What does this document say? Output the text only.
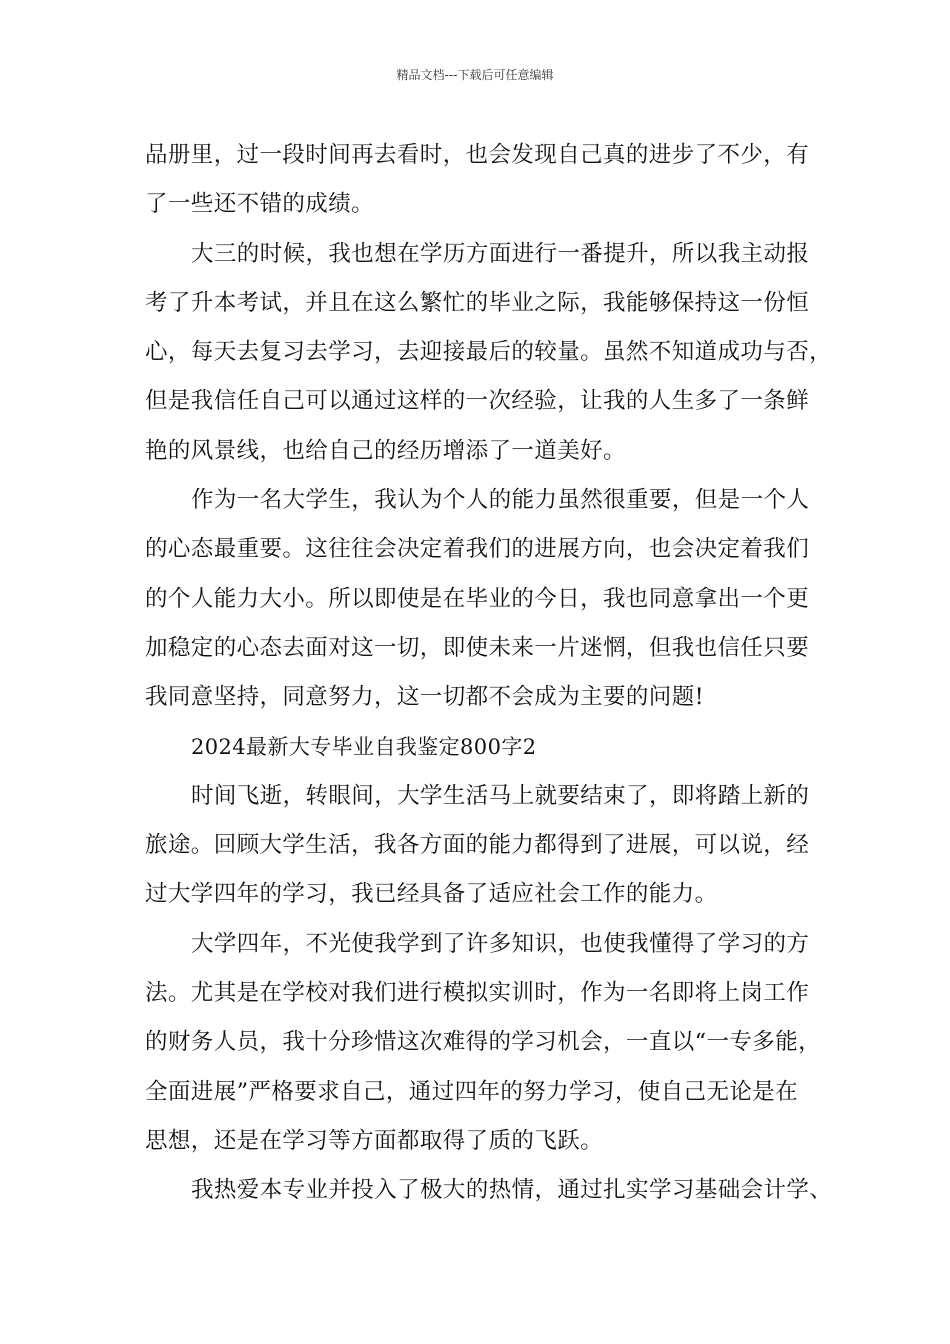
精品文档---下载后可任意编辑
品册里，过一段时间再去看时，也会发现自己真的进步了不少，有
了一些还不错的成绩。
大三的时候，我也想在学历方面进行一番提升，所以我主动报
考了升本考试，并且在这么繁忙的毕业之际，我能够保持这一份恒
心，每天去复习去学习，去迎接最后的较量。虽然不知道成功与否，
但是我信任自己可以通过这样的一次经验，让我的人生多了一条鲜
艳的风景线，也给自己的经历增添了一道美好。
作为一名大学生，我认为个人的能力虽然很重要，但是一个人
的心态最重要。这往往会决定着我们的进展方向，也会决定着我们
的个人能力大小。所以即使是在毕业的今日，我也同意拿出一个更
加稳定的心态去面对这一切，即使未来一片迷惘，但我也信任只要
我同意坚持，同意努力，这一切都不会成为主要的问题!
2024最新大专毕业自我鉴定800字2
时间飞逝，转眼间，大学生活马上就要结束了，即将踏上新的
旅途。回顾大学生活，我各方面的能力都得到了进展，可以说，经
过大学四年的学习，我已经具备了适应社会工作的能力。
大学四年，不光使我学到了许多知识，也使我懂得了学习的方
法。尤其是在学校对我们进行模拟实训时，作为一名即将上岗工作
的财务人员，我十分珍惜这次难得的学习机会，一直以“一专多能，
全面进展”严格要求自己，通过四年的努力学习，使自己无论是在
思想，还是在学习等方面都取得了质的飞跃。
我热爱本专业并投入了极大的热情，通过扎实学习基础会计学、
